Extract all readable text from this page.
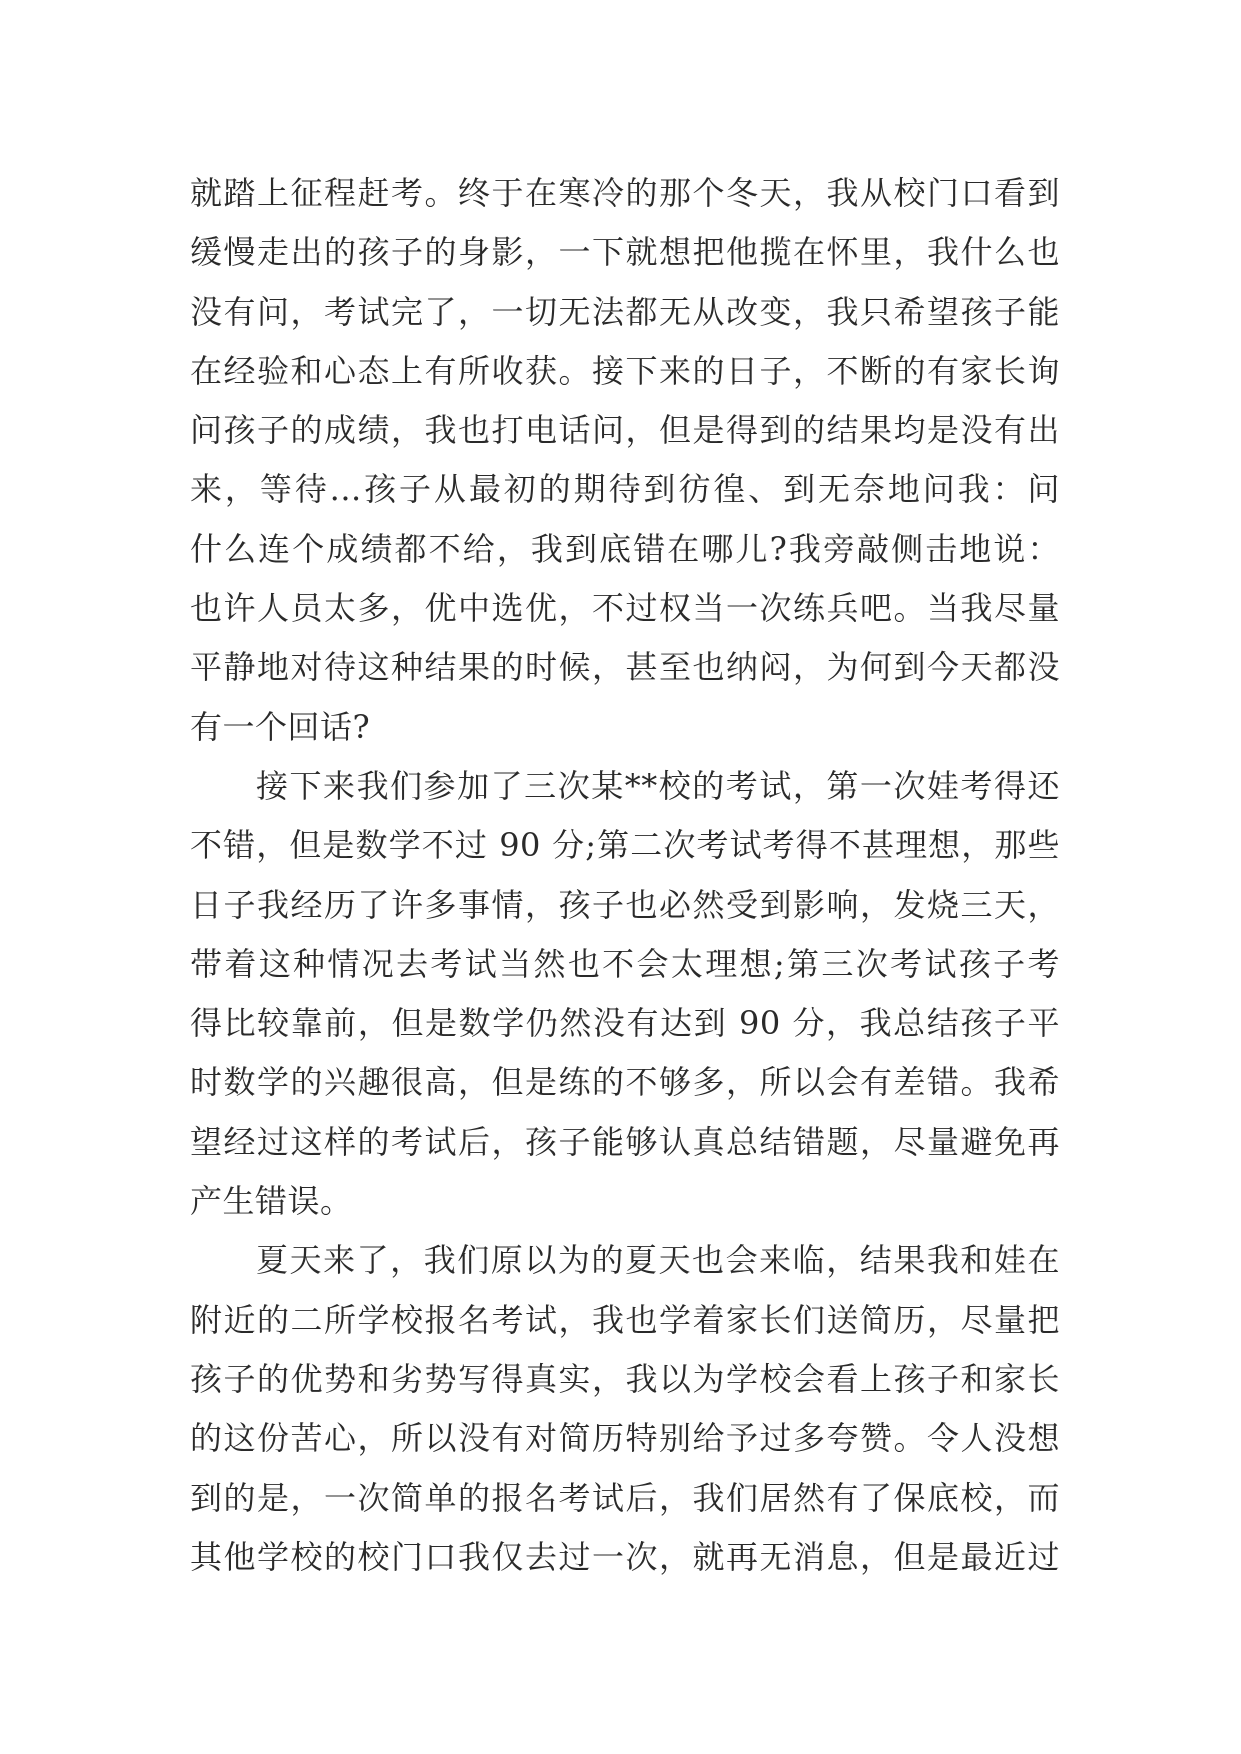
就踏上征程赶考。终于在寒冷的那个冬天，我从校门口看到
缓慢走出的孩子的身影，一下就想把他揽在怀里，我什么也
没有问，考试完了，一切无法都无从改变，我只希望孩子能
在经验和心态上有所收获。接下来的日子，不断的有家长询
问孩子的成绩，我也打电话问，但是得到的结果均是没有出
来，等待...孩子从最初的期待到彷徨、到无奈地问我：问
什么连个成绩都不给，我到底错在哪儿?我旁敲侧击地说：
也许人员太多，优中选优，不过权当一次练兵吧。当我尽量
平静地对待这种结果的时候，甚至也纳闷，为何到今天都没
有一个回话?
接下来我们参加了三次某**校的考试，第一次娃考得还
不错，但是数学不过 90 分;第二次考试考得不甚理想，那些
日子我经历了许多事情，孩子也必然受到影响，发烧三天，
带着这种情况去考试当然也不会太理想;第三次考试孩子考
得比较靠前，但是数学仍然没有达到 90 分，我总结孩子平
时数学的兴趣很高，但是练的不够多，所以会有差错。我希
望经过这样的考试后，孩子能够认真总结错题，尽量避免再
产生错误。
夏天来了，我们原以为的夏天也会来临，结果我和娃在
附近的二所学校报名考试，我也学着家长们送简历，尽量把
孩子的优势和劣势写得真实，我以为学校会看上孩子和家长
的这份苦心，所以没有对简历特别给予过多夸赞。令人没想
到的是，一次简单的报名考试后，我们居然有了保底校，而
其他学校的校门口我仅去过一次，就再无消息，但是最近过
